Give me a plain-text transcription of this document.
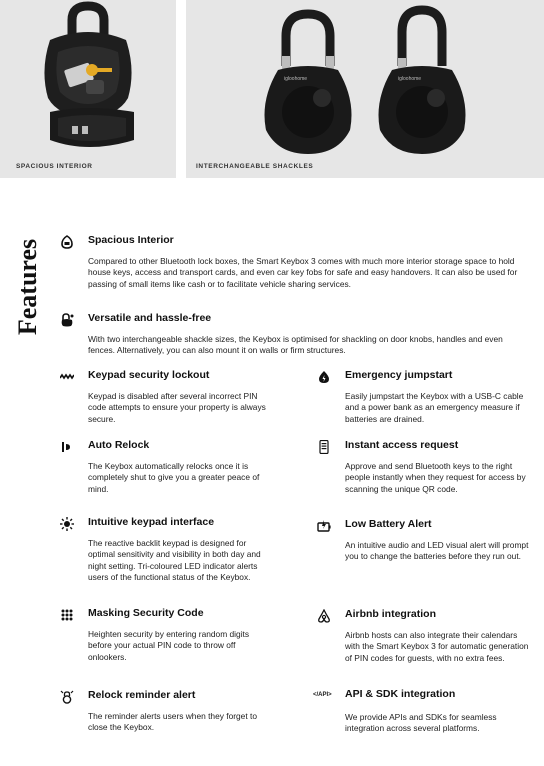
SPACIOUS INTERIOR
igloohome	igloohome
INTERCHANGEABLE SHACKLES
Features	Spacious Interior
Compared to other Bluetooth lock boxes, the Smart Keybox 3 comes with much more interior storage space to hold house keys, access and transport cards, and even car key fobs for safe and easy handovers. It can also be used for passing of small items like cash or to facilitate vehicle sharing services.
Versatile and hassle-free
With two interchangeable shackle sizes, the Keybox is optimised for shackling on door knobs, handles and even fences. Alternatively, you can also mount it on walls or firm structures.
Keypad security lockout
Keypad is disabled after several incorrect PIN code attempts to ensure your property is always secure.
Emergency jumpstart
Easily jumpstart the Keybox with a USB-C cable and a power bank as an emergency measure if batteries are drained.
Auto Relock
The Keybox automatically relocks once it is completely shut to give you a greater peace of mind.
Instant access request
Approve and send Bluetooth keys to the right people instantly when they request for access by scanning the unique QR code.
Intuitive keypad interface
The reactive backlit keypad is designed for optimal sensitivity and visibility in both day and night setting. Tri-coloured LED indicator alerts users of the functional status of the Keybox.
Low Battery Alert
An intuitive audio and LED visual alert will prompt you to change the batteries before they run out.
Masking Security Code
Heighten security by entering random digits before your actual PIN code to throw off onlookers.
Airbnb integration
Airbnb hosts can also integrate their calendars with the Smart Keybox 3 for automatic generation of PIN codes for guests, with no extra fees.
Relock reminder alert
The reminder alerts users when they forget to close the Keybox.
</API>	API & SDK integration
We provide APIs and SDKs for seamless integration across several platforms.
